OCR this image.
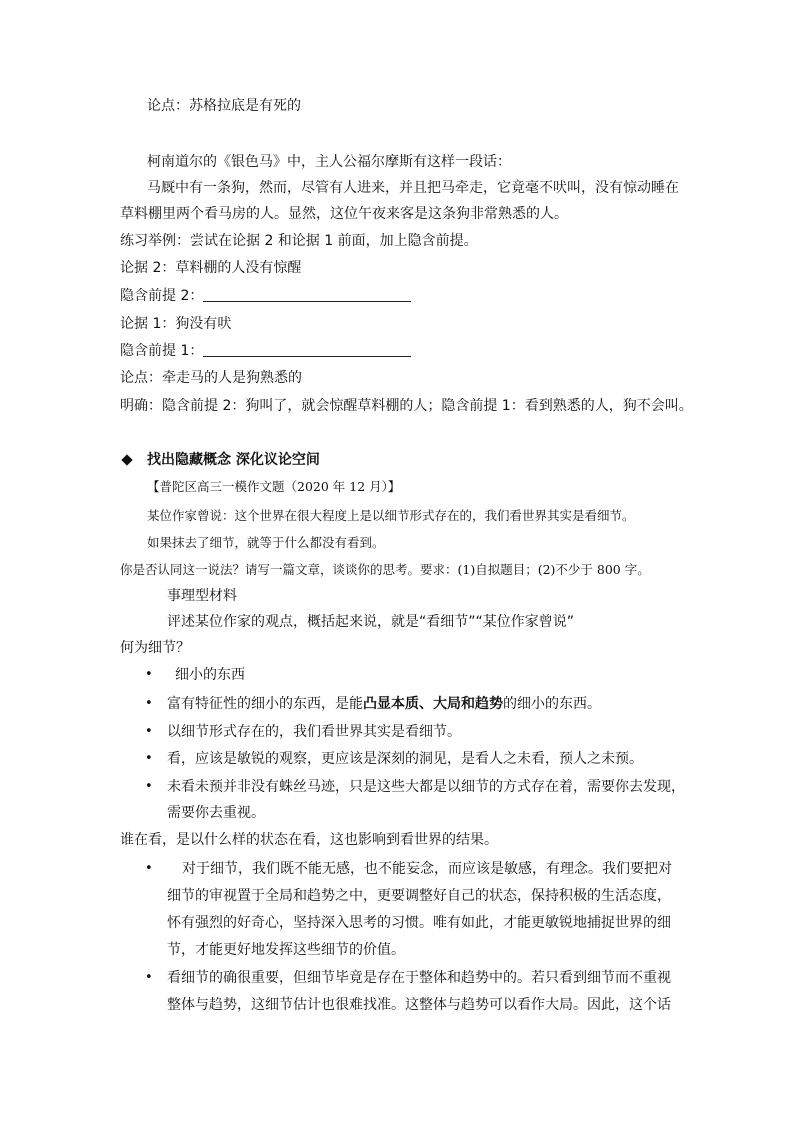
论点：苏格拉底是有死的
柯南道尔的《银色马》中，主人公福尔摩斯有这样一段话：
马厩中有一条狗，然而，尽管有人进来，并且把马牵走，它竟毫不吠叫，没有惊动睡在
草料棚里两个看马房的人。显然，这位午夜来客是这条狗非常熟悉的人。
练习举例：尝试在论据 2 和论据 1 前面，加上隐含前提。
论据 2：草料棚的人没有惊醒
隐含前提 2：
论据 1：狗没有吠
隐含前提 1：
论点：牵走马的人是狗熟悉的
明确：隐含前提 2：狗叫了，就会惊醒草料棚的人；隐含前提 1：看到熟悉的人，狗不会叫。
找出隐藏概念 深化议论空间
【普陀区高三一模作文题（2020 年 12 月）】
某位作家曾说：这个世界在很大程度上是以细节形式存在的，我们看世界其实是看细节。
如果抹去了细节，就等于什么都没有看到。
你是否认同这一说法？请写一篇文章，谈谈你的思考。要求：(1)自拟题目；(2)不少于 800 字。
事理型材料
评述某位作家的观点，概括起来说，就是“看细节”“某位作家曾说”
何为细节？
• 细小的东西
• 富有特征性的细小的东西，是能凸显本质、大局和趋势的细小的东西。
• 以细节形式存在的，我们看世界其实是看细节。
• 看，应该是敏锐的观察，更应该是深刻的洞见，是看人之未看，预人之未预。
• 未看未预并非没有蛛丝马迹，只是这些大都是以细节的方式存在着，需要你去发现，
需要你去重视。
谁在看，是以什么样的状态在看，这也影响到看世界的结果。
• 对于细节，我们既不能无感，也不能妄念，而应该是敏感，有理念。我们要把对
细节的审视置于全局和趋势之中，更要调整好自己的状态，保持积极的生活态度，
怀有强烈的好奇心，坚持深入思考的习惯。唯有如此，才能更敏锐地捕捉世界的细
节，才能更好地发挥这些细节的价值。
• 看细节的确很重要，但细节毕竟是存在于整体和趋势中的。若只看到细节而不重视
整体与趋势，这细节估计也很难找准。这整体与趋势可以看作大局。因此，这个话
